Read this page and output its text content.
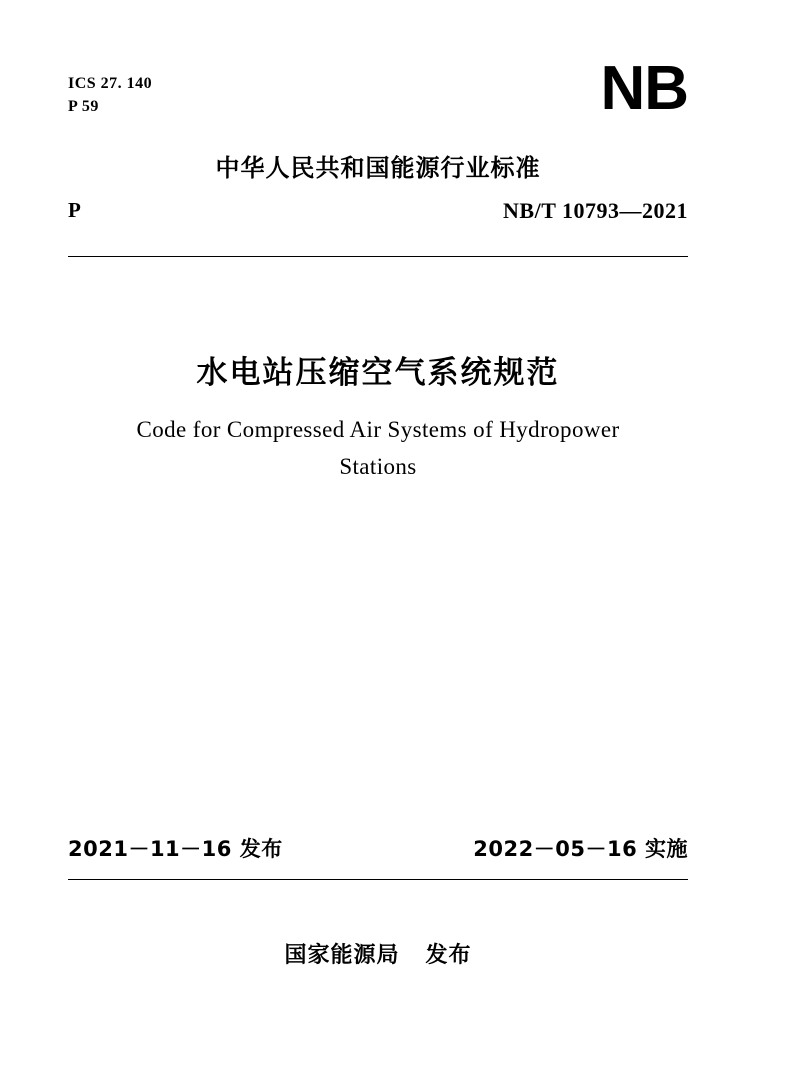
ICS 27. 140
P 59	NB
中华人民共和国能源行业标准
P	NB/T 10793—2021
水电站压缩空气系统规范
Code for Compressed Air Systems of Hydropower
Stations
2021－11－16 发布	2022－05－16 实施
国家能源局 发布
